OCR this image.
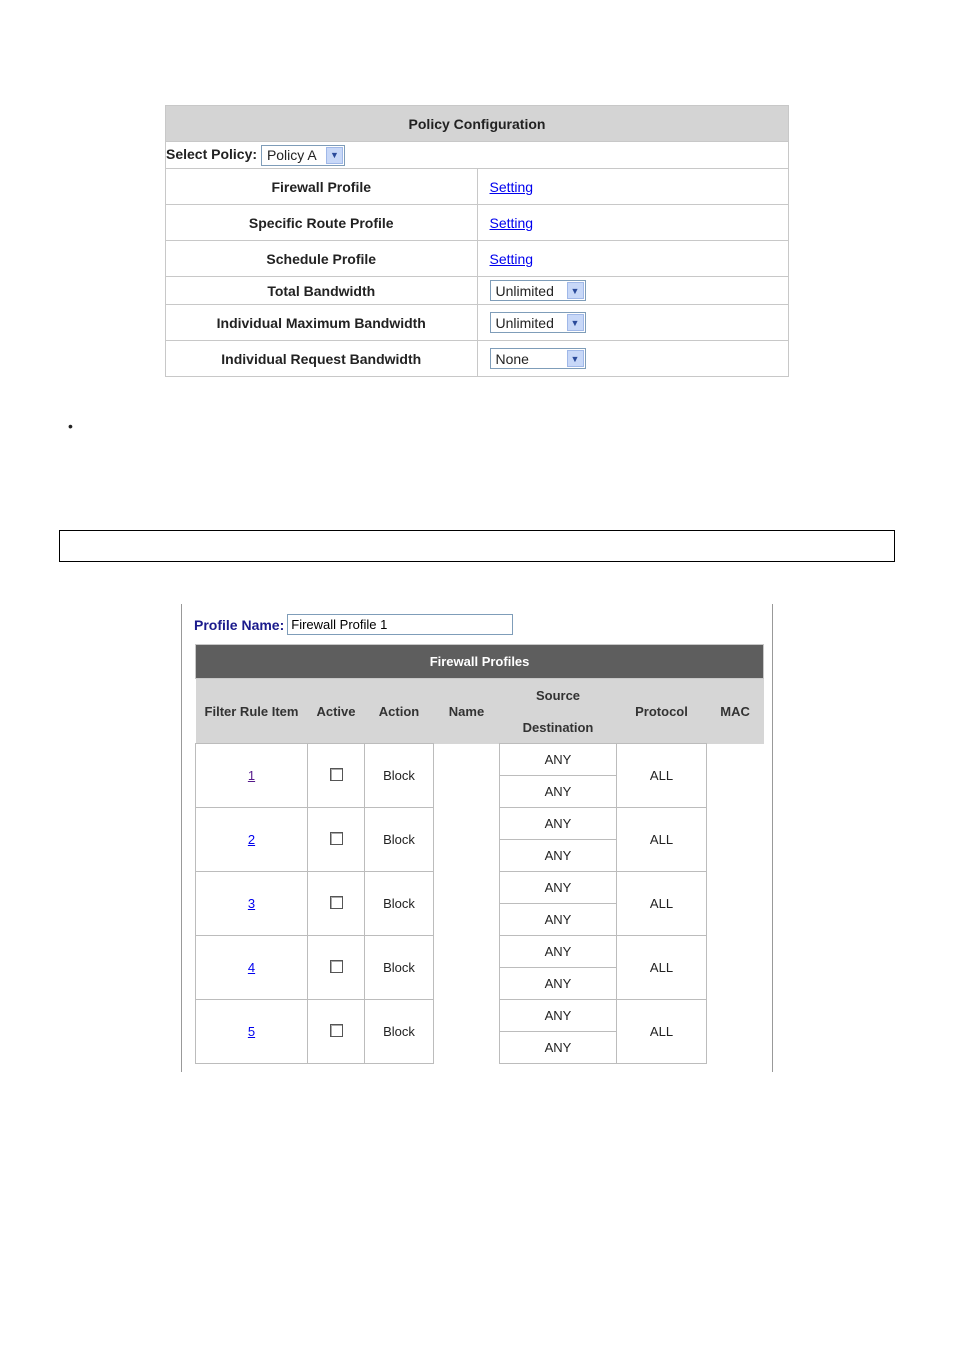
Policy Configuration	
Select Policy: Policy A ▼	

Firewall Profile	Setting
Specific Route Profile	Setting
Schedule Profile	Setting
Total Bandwidth	Unlimited ▼

Individual Maximum Bandwidth	Unlimited ▼

Individual Request Bandwidth	None ▼
•
Profile Name:
Firewall Profile 1
Firewall Profiles						
Filter Rule Item	Active	Action	Name	Source	Protocol	MAC
				Destination		
1		Block		ANY	ALL	
				ANY		
2		Block		ANY	ALL	
				ANY		
3		Block		ANY	ALL	
				ANY		
4		Block		ANY	ALL	
				ANY		
5		Block		ANY	ALL	
				ANY		
